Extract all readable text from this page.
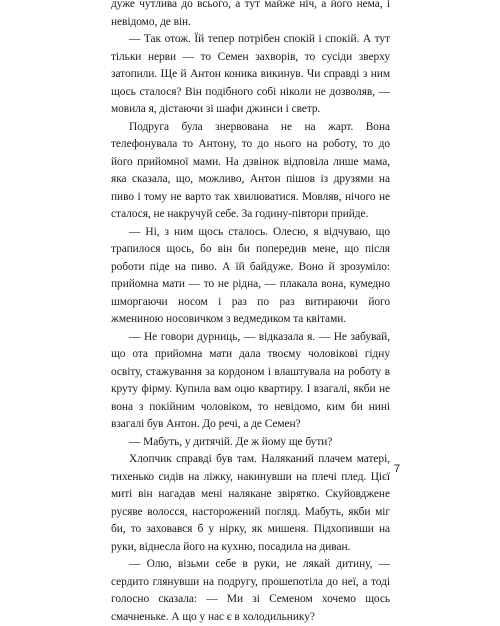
дуже чутлива до всього, а тут майже ніч, а його нема, і невідомо, де він.

— Так отож. Їй тепер потрібен спокій і спокій. А тут тільки нерви — то Семен захворів, то сусіди зверху затопили. Ще й Антон коника викинув. Чи справді з ним щось сталося? Він подібного собі ніколи не дозволяв, — мовила я, дістаючи зі шафи джинси і светр.

Подруга була знервована не на жарт. Вона телефонувала то Антону, то до нього на роботу, то до його прийомної мами. На дзвінок відповіла лише мама, яка сказала, що, можливо, Антон пішов із друзями на пиво і тому не варто так хвилюватися. Мовляв, нічого не сталося, не накручуй себе. За годину-півтори прийде.

— Ні, з ним щось сталось. Олесю, я відчуваю, що трапилося щось, бо він би попередив мене, що після роботи піде на пиво. А їй байдуже. Воно й зрозуміло: прийомна мати — то не рідна, — плакала вона, кумедно шморгаючи носом і раз по раз витираючи його жмениною носовичком з ведмедиком та квітами.

— Не говори дурниць, — відказала я. — Не забувай, що ота прийомна мати дала твоєму чоловікові гідну освіту, стажування за кордоном і влаштувала на роботу в круту фірму. Купила вам оцю квартиру. І взагалі, якби не вона з покійним чоловіком, то невідомо, ким би нині взагалі був Антон. До речі, а де Семен?

— Мабуть, у дитячій. Де ж йому ще бути?

Хлопчик справді був там. Наляканий плачем матері, тихенько сидів на ліжку, накинувши на плечі плед. Цієї миті він нагадав мені налякане звірятко. Скуйовджене русяве волосся, насторожений погляд. Мабуть, якби міг би, то заховався б у нірку, як мишеня. Підхопивши на руки, віднесла його на кухню, посадила на диван.

— Олю, візьми себе в руки, не лякай дитину, — сердито глянувши на подругу, прошепотіла до неї, а тоді голосно сказала: — Ми зі Семеном хочемо щось смачненьке. А що у нас є в холодильнику?

7
